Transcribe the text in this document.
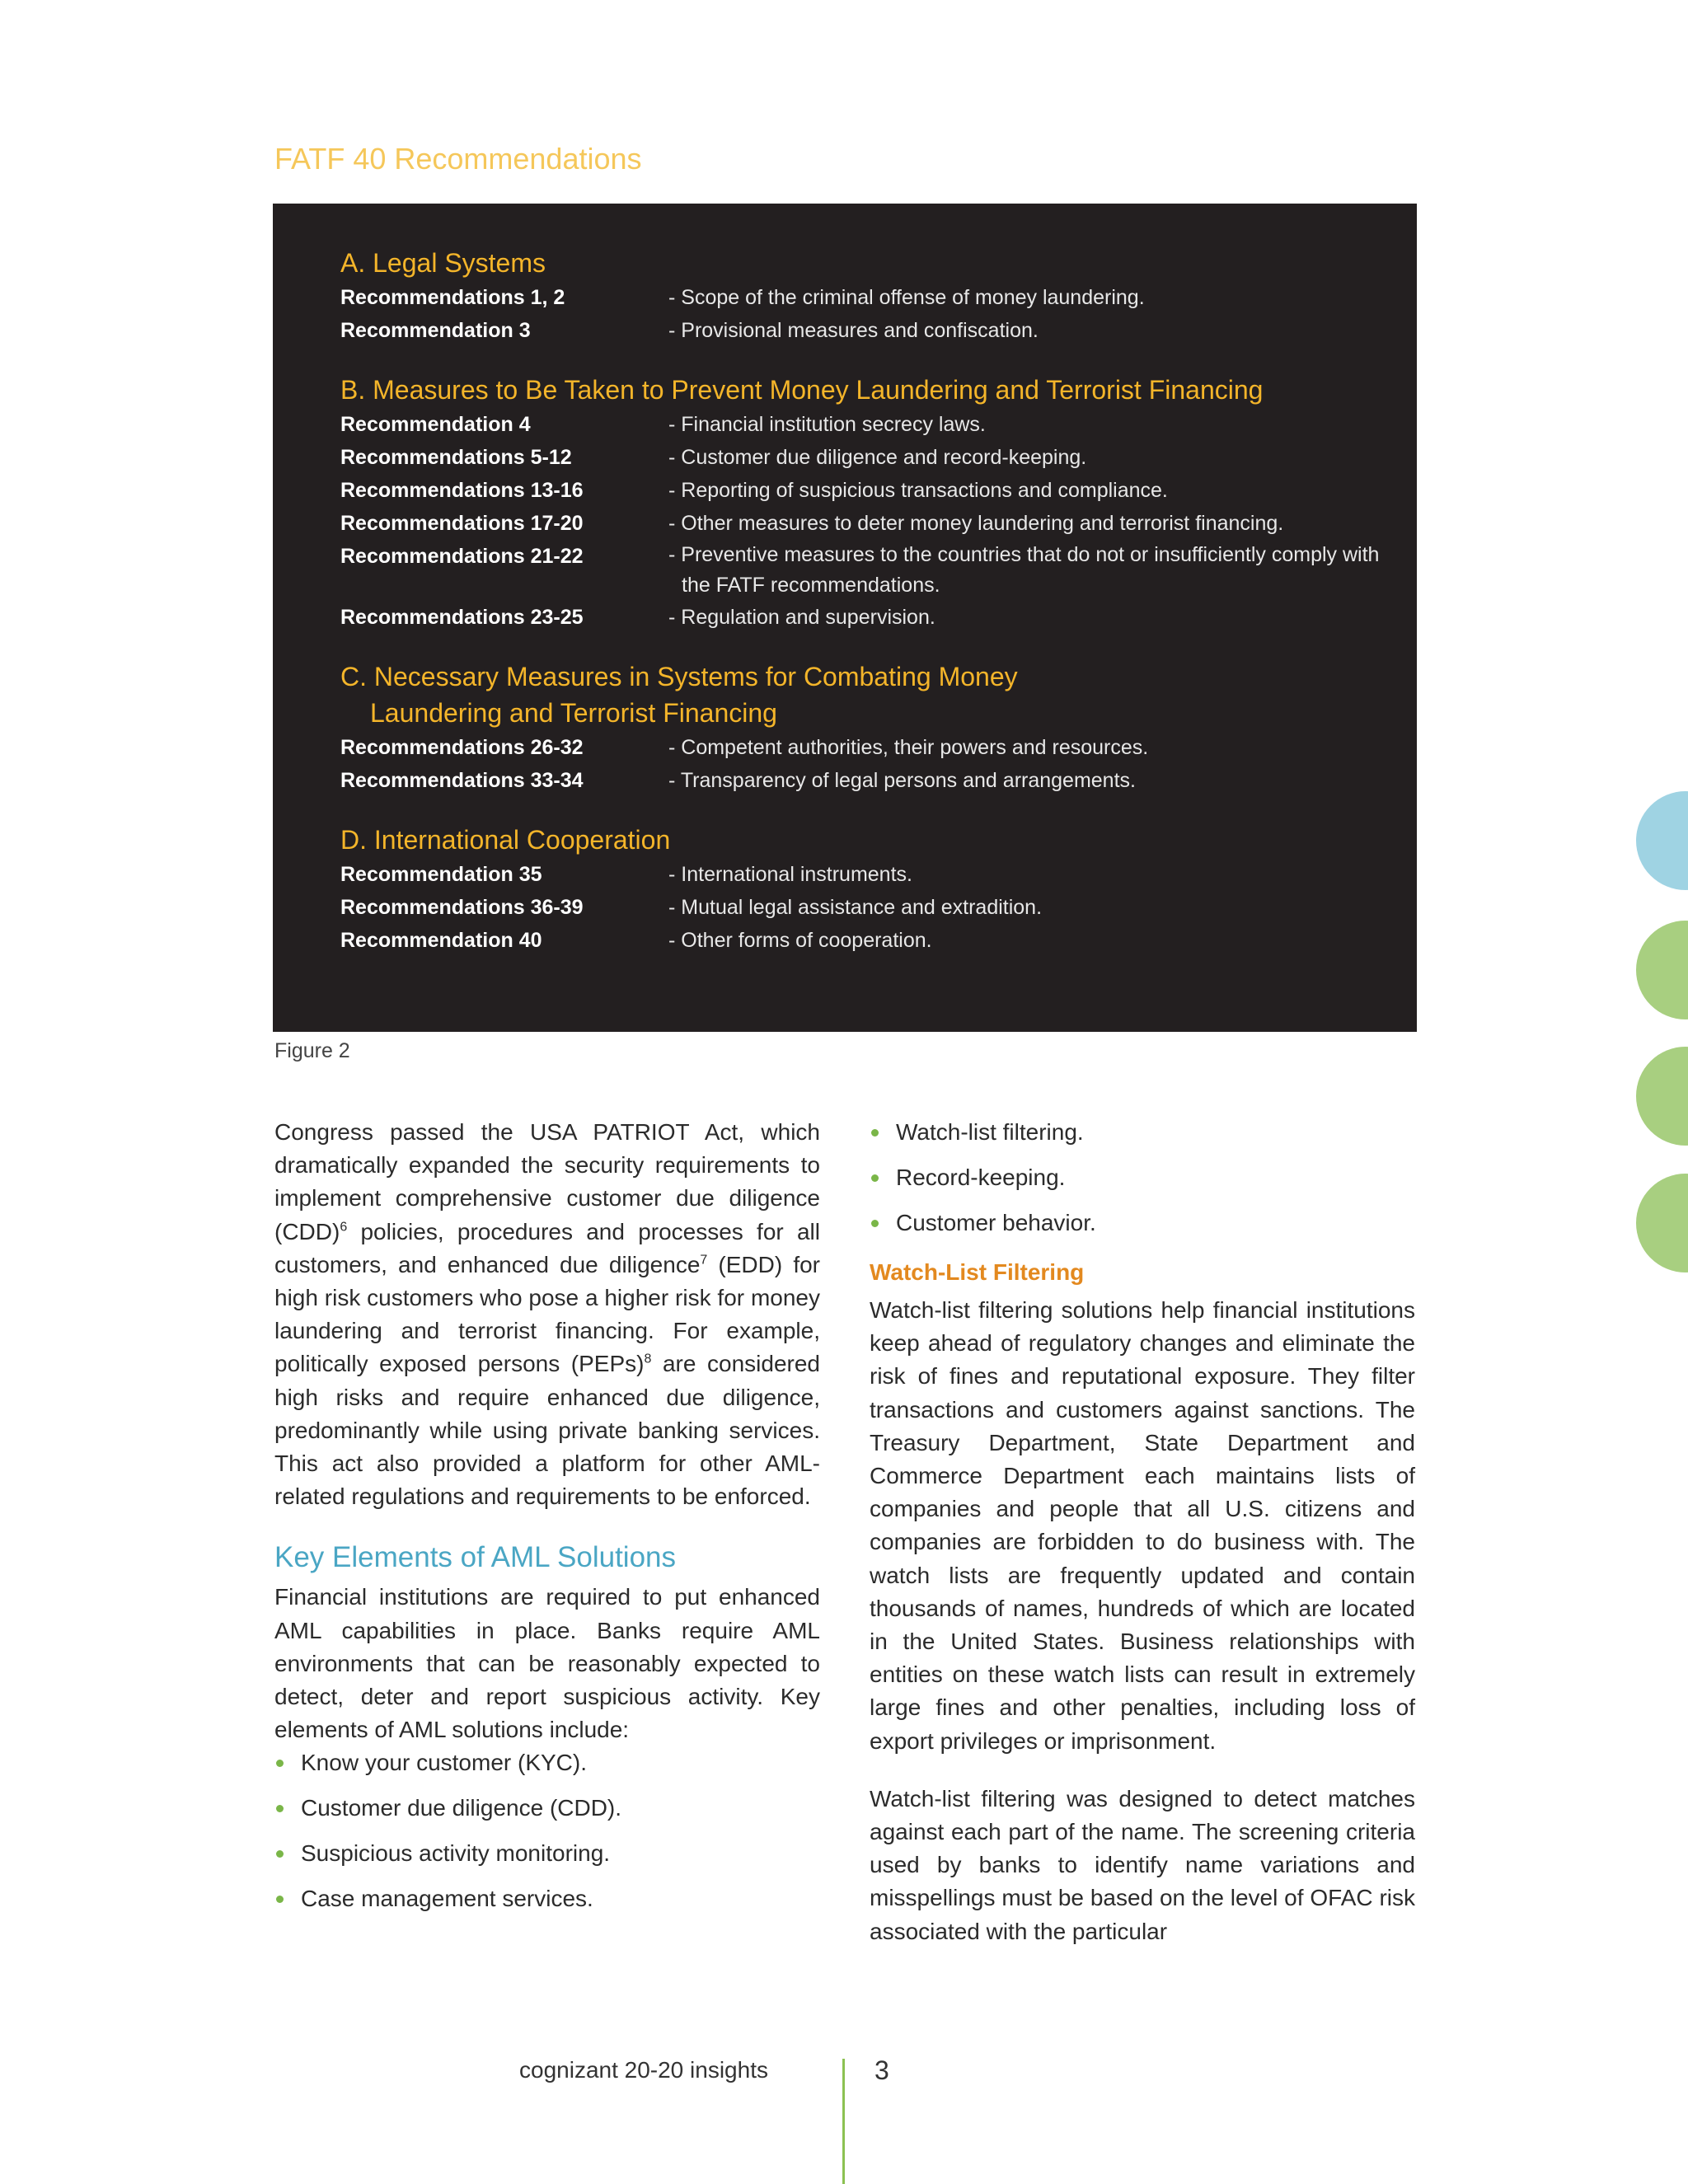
FATF 40 Recommendations
A. Legal Systems
Recommendations 1, 2	- Scope of the criminal offense of money laundering.
Recommendation 3	- Provisional measures and confiscation.
B. Measures to Be Taken to Prevent Money Laundering and Terrorist Financing
Recommendation 4	- Financial institution secrecy laws.
Recommendations 5-12	- Customer due diligence and record-keeping.
Recommendations 13-16	- Reporting of suspicious transactions and compliance.
Recommendations 17-20	- Other measures to deter money laundering and terrorist financing.
Recommendations 21-22	- Preventive measures to the countries that do not or insufficiently comply with the FATF recommendations.
Recommendations 23-25	- Regulation and supervision.
C. Necessary Measures in Systems for Combating Money
Laundering and Terrorist Financing
Recommendations 26-32	- Competent authorities, their powers and resources.
Recommendations 33-34	- Transparency of legal persons and arrangements.
D. International Cooperation
Recommendation 35	- International instruments.
Recommendations 36-39	- Mutual legal assistance and extradition.
Recommendation 40	- Other forms of cooperation.
Figure 2

Congress passed the USA PATRIOT Act, which dramatically expanded the security requirements to implement comprehensive customer due diligence (CDD)$^6$ policies, procedures and processes for all customers, and enhanced due diligence$^7$ (EDD) for high risk customers who pose a higher risk for money laundering and terrorist financing. For example, politically exposed persons (PEPs)$^8$ are considered high risks and require enhanced due diligence, predominantly while using private banking services. This act also provided a platform for other AML-related regulations and requirements to be enforced.

Key Elements of AML Solutions

Financial institutions are required to put enhanced AML capabilities in place. Banks require AML environments that can be reasonably expected to detect, deter and report suspicious activity. Key elements of AML solutions include:

Know your customer (KYC).
Customer due diligence (CDD).
Suspicious activity monitoring.
Case management services.
Watch-list filtering.
Record-keeping.
Customer behavior.
Watch-List Filtering

Watch-list filtering solutions help financial institutions keep ahead of regulatory changes and eliminate the risk of fines and reputational exposure. They filter transactions and customers against sanctions. The Treasury Department, State Department and Commerce Department each maintains lists of companies and people that all U.S. citizens and companies are forbidden to do business with. The watch lists are frequently updated and contain thousands of names, hundreds of which are located in the United States. Business relationships with entities on these watch lists can result in extremely large fines and other penalties, including loss of export privileges or imprisonment.

Watch-list filtering was designed to detect matches against each part of the name. The screening criteria used by banks to identify name variations and misspellings must be based on the level of OFAC risk associated with the particular

cognizant 20-20 insights	3
